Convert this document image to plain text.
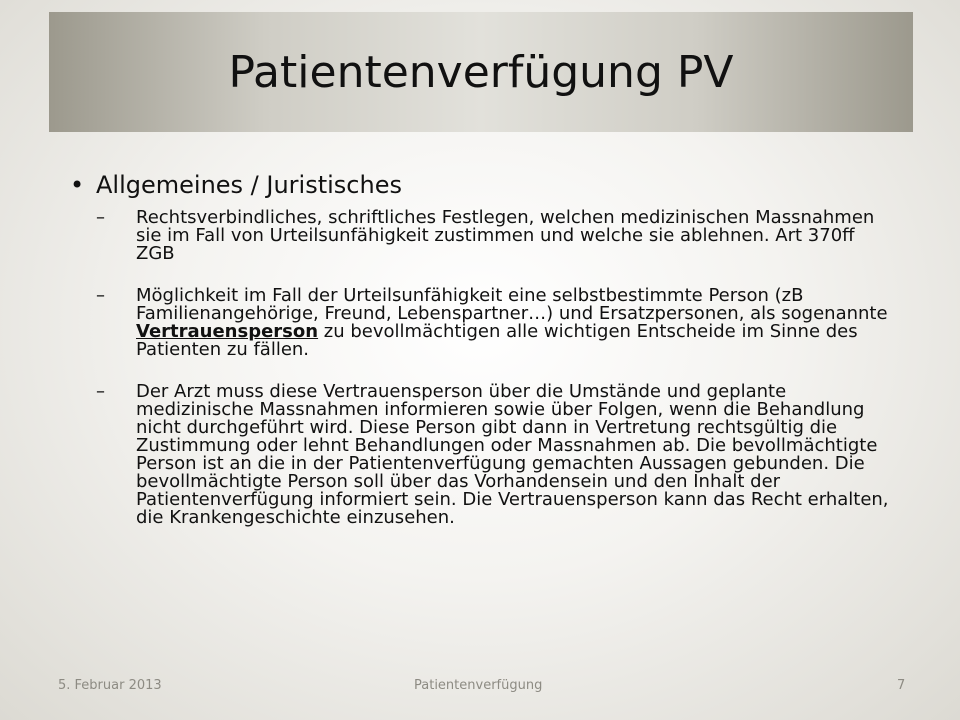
Patientenverfügung PV
• Allgemeines / Juristisches
–	Rechtsverbindliches, schriftliches Festlegen, welchen medizinischen Massnahmen sie im Fall von Urteilsunfähigkeit zustimmen und welche sie ablehnen. Art 370ff ZGB
–	Möglichkeit im Fall der Urteilsunfähigkeit eine selbstbestimmte Person (zB Familienangehörige, Freund, Lebenspartner…) und Ersatzpersonen, als sogenannte Vertrauensperson zu bevollmächtigen alle wichtigen Entscheide im Sinne des Patienten zu fällen.
–	Der Arzt muss diese Vertrauensperson über die Umstände und geplante medizinische Massnahmen informieren sowie über Folgen, wenn die Behandlung nicht durchgeführt wird. Diese Person gibt dann in Vertretung rechtsgültig die Zustimmung oder lehnt Behandlungen oder Massnahmen ab. Die bevollmächtigte Person ist an die in der Patientenverfügung gemachten Aussagen gebunden. Die bevollmächtigte Person soll über das Vorhandensein und den Inhalt der Patientenverfügung informiert sein. Die Vertrauensperson kann das Recht erhalten, die Krankengeschichte einzusehen.
5. Februar 2013	Patientenverfügung	7
